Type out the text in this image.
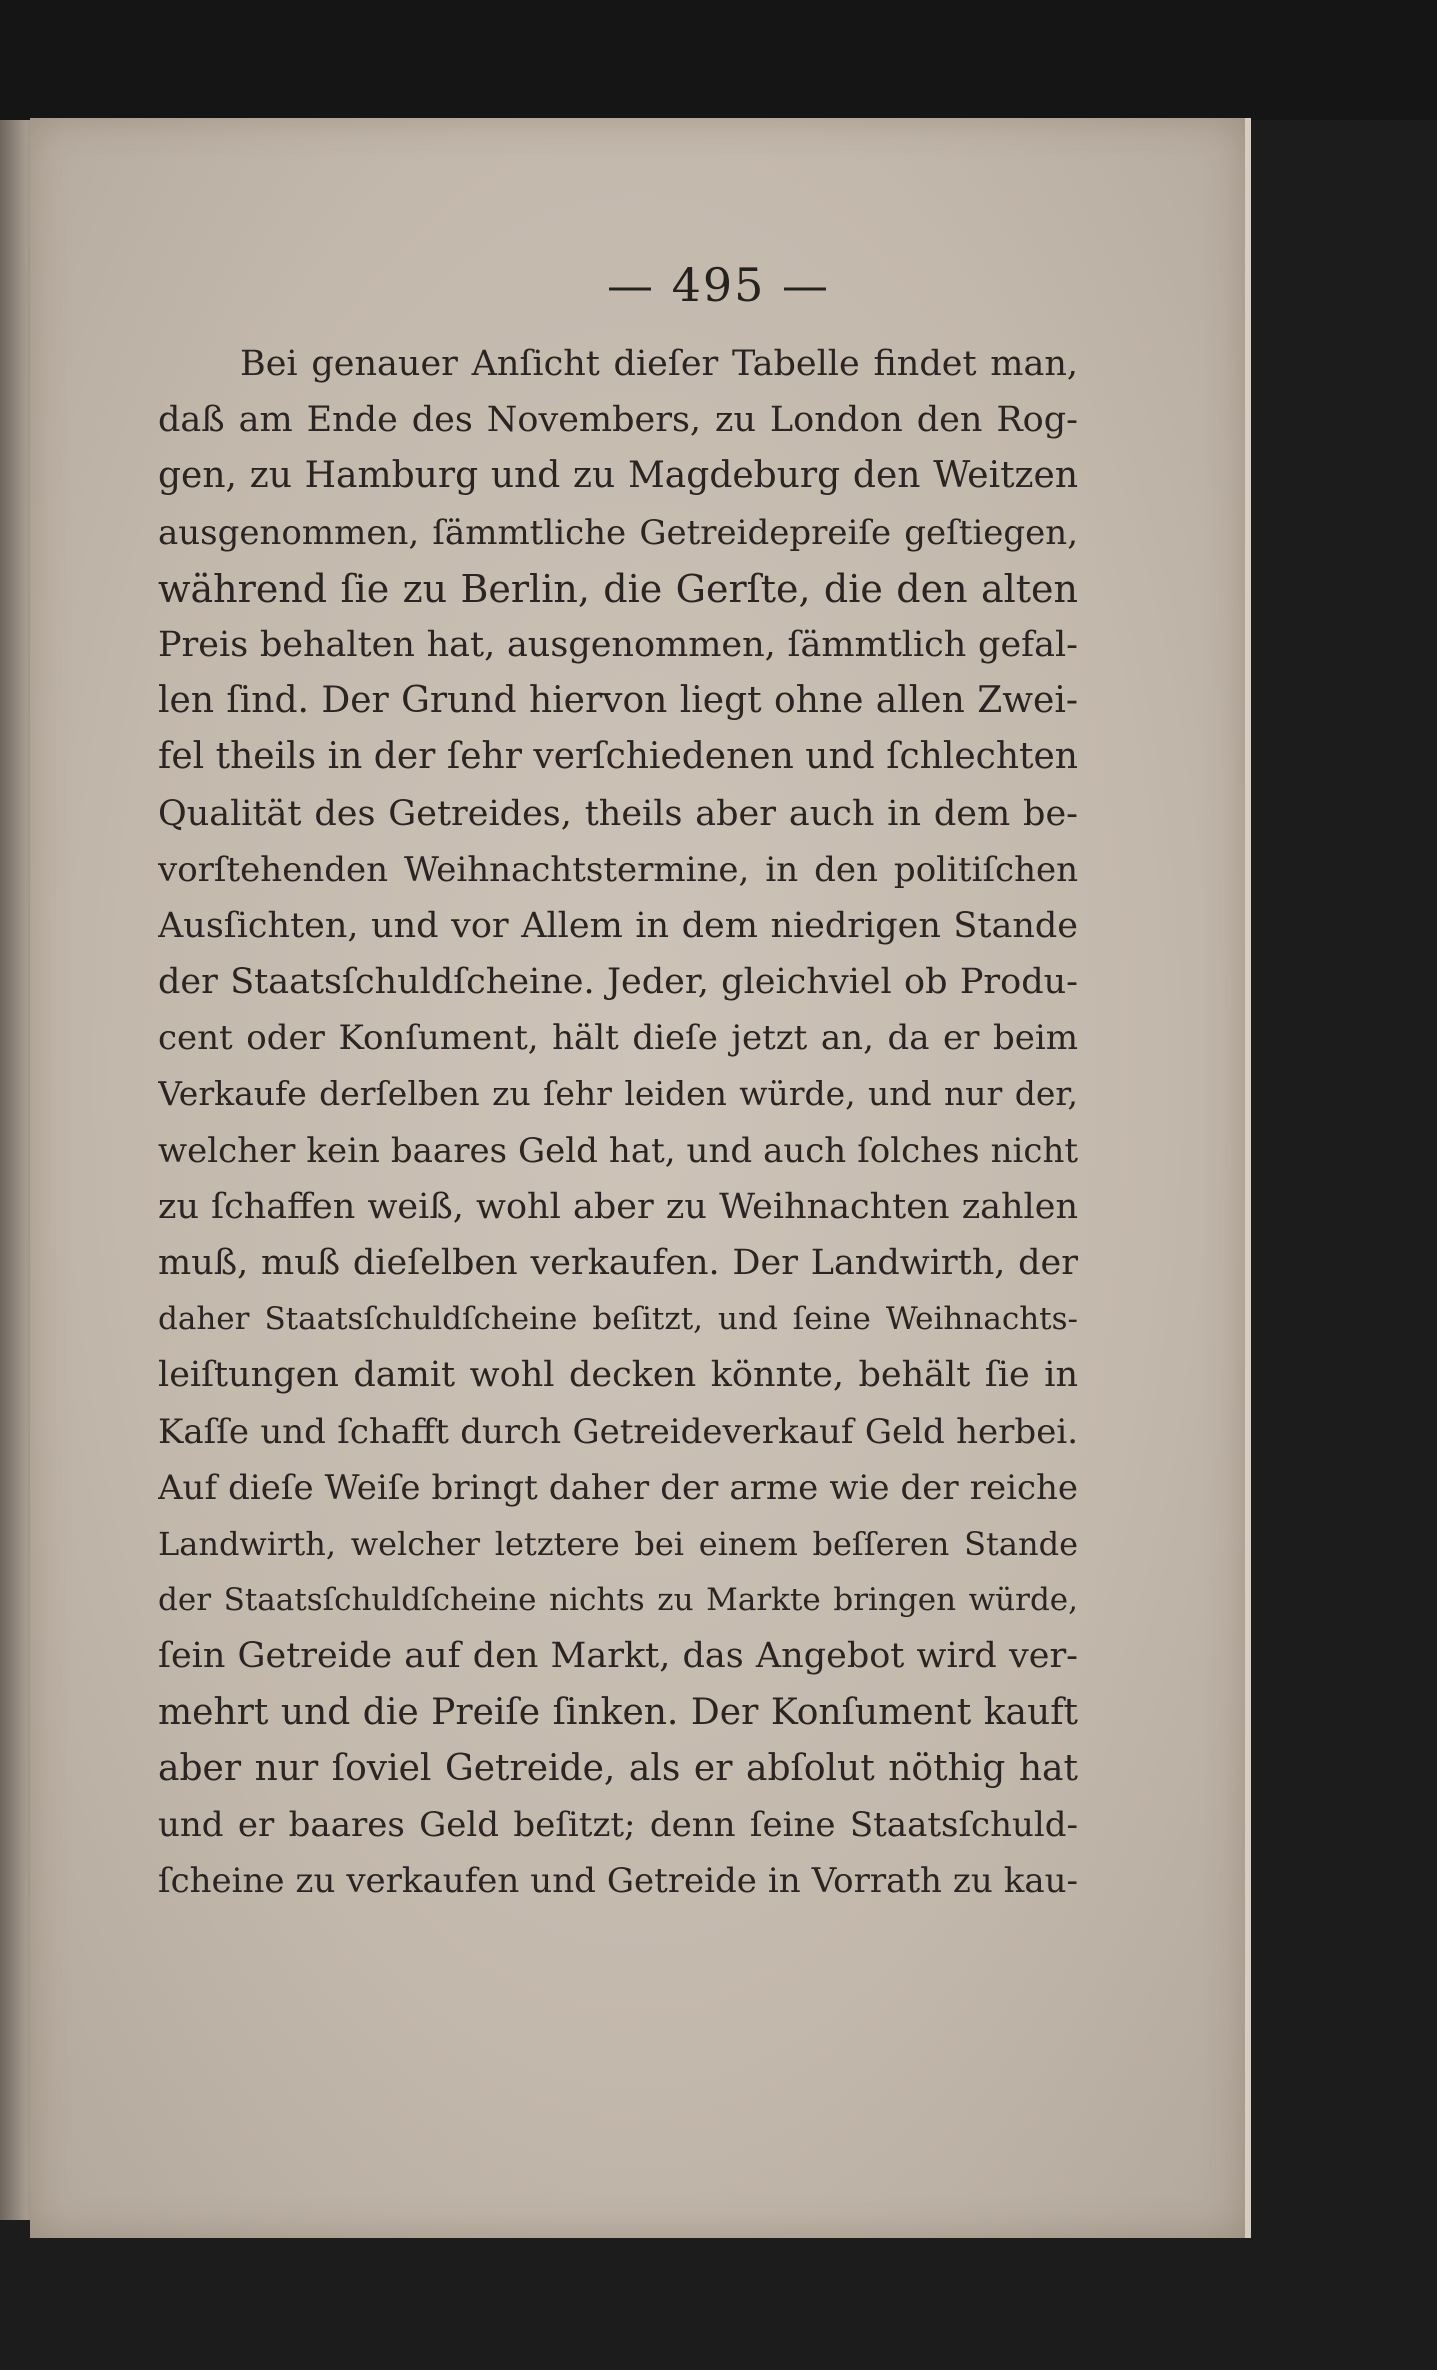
— 495 —
Bei genauer Anſicht dieſer Tabelle findet man,
daß am Ende des Novembers, zu London den Rog-
gen, zu Hamburg und zu Magdeburg den Weitzen
ausgenommen, ſämmtliche Getreidepreiſe geſtiegen,
während ſie zu Berlin, die Gerſte, die den alten
Preis behalten hat, ausgenommen, ſämmtlich gefal-
len ſind. Der Grund hiervon liegt ohne allen Zwei-
fel theils in der ſehr verſchiedenen und ſchlechten
Qualität des Getreides, theils aber auch in dem be-
vorſtehenden Weihnachtstermine, in den politiſchen
Ausſichten, und vor Allem in dem niedrigen Stande
der Staatsſchuldſcheine. Jeder, gleichviel ob Produ-
cent oder Konſument, hält dieſe jetzt an, da er beim
Verkaufe derſelben zu ſehr leiden würde, und nur der,
welcher kein baares Geld hat, und auch ſolches nicht
zu ſchaffen weiß, wohl aber zu Weihnachten zahlen
muß, muß dieſelben verkaufen. Der Landwirth, der
daher Staatsſchuldſcheine beſitzt, und ſeine Weihnachts-
leiſtungen damit wohl decken könnte, behält ſie in
Kaſſe und ſchafft durch Getreideverkauf Geld herbei.
Auf dieſe Weiſe bringt daher der arme wie der reiche
Landwirth, welcher letztere bei einem beſſeren Stande
der Staatsſchuldſcheine nichts zu Markte bringen würde,
ſein Getreide auf den Markt, das Angebot wird ver-
mehrt und die Preiſe ſinken. Der Konſument kauft
aber nur ſoviel Getreide, als er abſolut nöthig hat
und er baares Geld beſitzt; denn ſeine Staatsſchuld-
ſcheine zu verkaufen und Getreide in Vorrath zu kau-
